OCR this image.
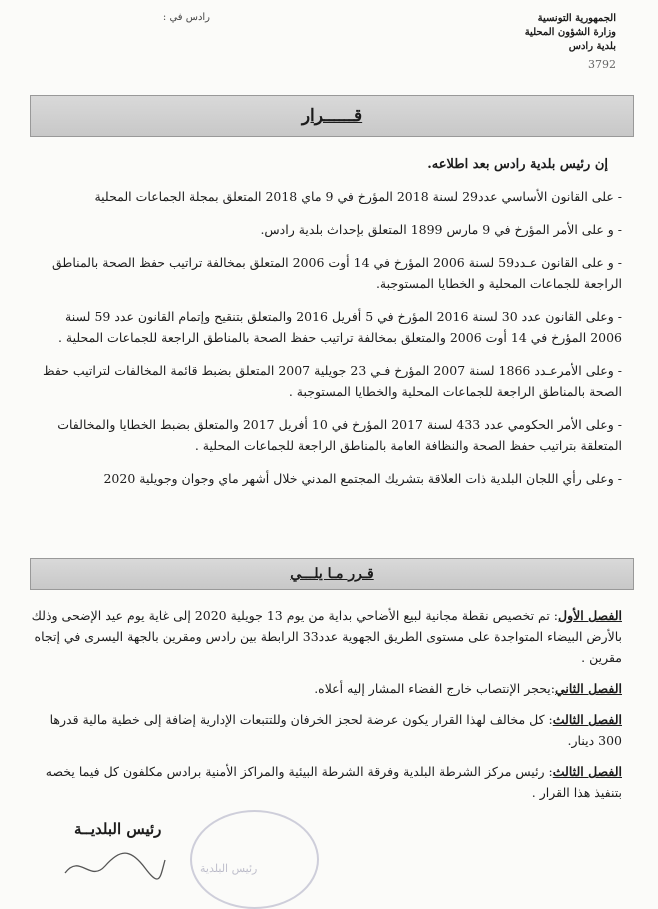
رادس في :	الجمهورية التونسية
وزارة الشؤون المحلية
بلدية رادس
3792
قــــــرار
إن رئيس بلدية رادس بعد اطلاعه.

- على القانون الأساسي عدد29 لسنة 2018 المؤرخ في 9 ماي 2018 المتعلق بمجلة الجماعات المحلية

- و على الأمر المؤرخ في 9 مارس 1899 المتعلق بإحداث بلدية رادس.

- و على القانون عـدد59 لسنة 2006 المؤرخ في 14 أوت 2006 المتعلق بمخالفة تراتيب حفظ الصحة بالمناطق الراجعة للجماعات المحلية و الخطايا المستوجبة.

- وعلى القانون عدد 30 لسنة 2016 المؤرخ في 5 أفريل 2016 والمتعلق بتنقيح وإتمام القانون عدد 59 لسنة 2006 المؤرخ في 14 أوت 2006 والمتعلق بمخالفة تراتيب حفظ الصحة بالمناطق الراجعة للجماعات المحلية .

- وعلى الأمرعـدد 1866 لسنة 2007 المؤرخ فـي 23 جويلية 2007 المتعلق بضبط قائمة المخالفات لتراتيب حفظ الصحة بالمناطق الراجعة للجماعات المحلية والخطايا المستوجبة .

- وعلى الأمر الحكومي عدد 433 لسنة 2017 المؤرخ في 10 أفريل 2017 والمتعلق بضبط الخطايا والمخالفات المتعلقة بتراتيب حفظ الصحة والنظافة العامة بالمناطق الراجعة للجماعات المحلية .

- وعلى رأي اللجان البلدية ذات العلاقة بتشريك المجتمع المدني خلال أشهر ماي وجوان وجويلية 2020

قـرر مـا يلـــي

الفصل الأول: تم تخصيص نقطة مجانية لبيع الأضاحي بداية من يوم 13 جويلية 2020 إلى غاية يوم عيد الإضحى وذلك بالأرض البيضاء المتواجدة على مستوى الطريق الجهوية عدد33 الرابطة بين رادس ومقرين بالجهة اليسرى في إتجاه مقرين .

الفصل الثاني:يحجر الإنتصاب خارج الفضاء المشار إليه أعلاه.

الفصل الثالث: كل مخالف لهذا القرار يكون عرضة لحجز الخرفان وللتتبعات الإدارية إضافة إلى خطية مالية قدرها 300 دينار.

الفصل الثالث: رئيس مركز الشرطة البلدية وفرقة الشرطة البيئية والمراكز الأمنية برادس مكلفون كل فيما يخصه بتنفيذ هذا القرار .

رئيس البلدية
رئيس البلديــة
